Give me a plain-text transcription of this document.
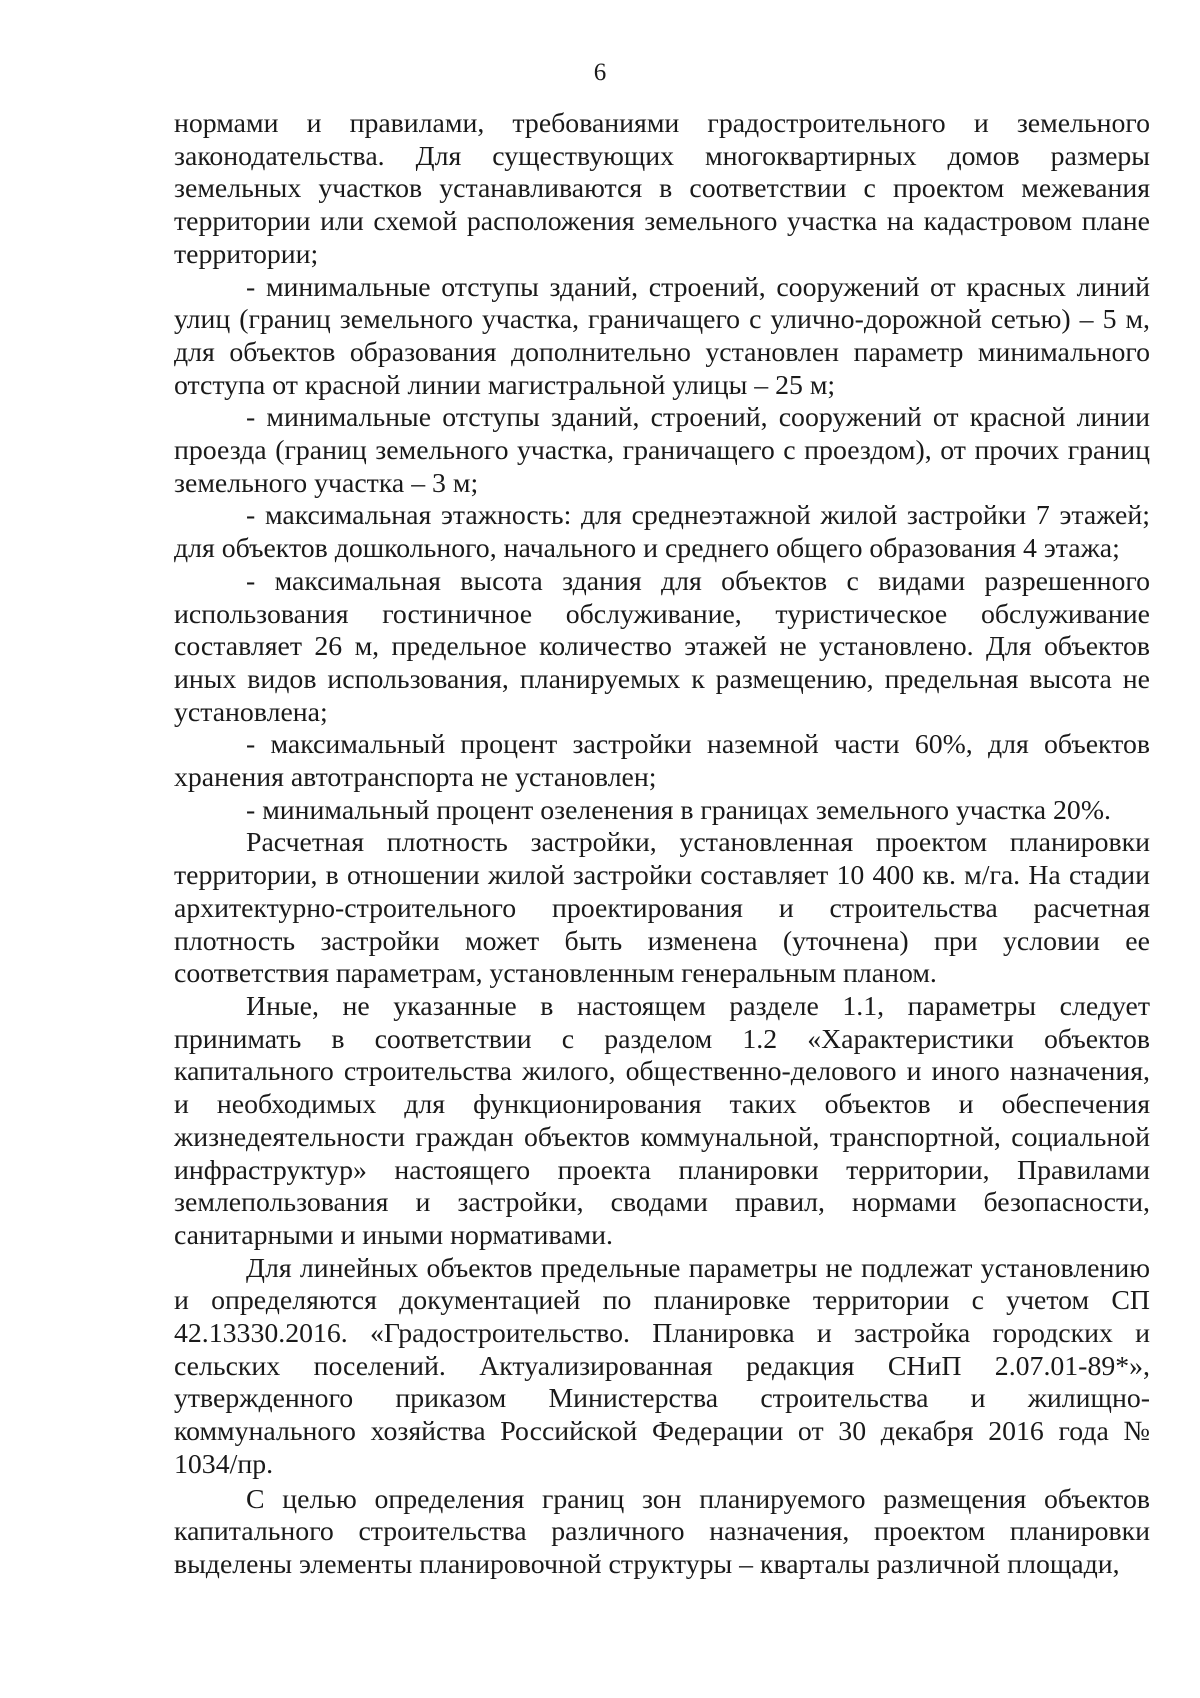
6

нормами и правилами, требованиями градостроительного и земельного законодательства. Для существующих многоквартирных домов размеры земельных участков устанавливаются в соответствии с проектом межевания территории или схемой расположения земельного участка на кадастровом плане территории;

- минимальные отступы зданий, строений, сооружений от красных линий улиц (границ земельного участка, граничащего с улично-дорожной сетью) – 5 м, для объектов образования дополнительно установлен параметр минимального отступа от красной линии магистральной улицы – 25 м;

- минимальные отступы зданий, строений, сооружений от красной линии проезда (границ земельного участка, граничащего с проездом), от прочих границ земельного участка – 3 м;

- максимальная этажность: для среднеэтажной жилой застройки 7 этажей; для объектов дошкольного, начального и среднего общего образования 4 этажа;

- максимальная высота здания для объектов с видами разрешенного использования гостиничное обслуживание, туристическое обслуживание составляет 26 м, предельное количество этажей не установлено. Для объектов иных видов использования, планируемых к размещению, предельная высота не установлена;

- максимальный процент застройки наземной части 60%, для объектов хранения автотранспорта не установлен;

- минимальный процент озеленения в границах земельного участка 20%.

Расчетная плотность застройки, установленная проектом планировки территории, в отношении жилой застройки составляет 10 400 кв. м/га. На стадии архитектурно-строительного проектирования и строительства расчетная плотность застройки может быть изменена (уточнена) при условии ее соответствия параметрам, установленным генеральным планом.

Иные, не указанные в настоящем разделе 1.1, параметры следует принимать в соответствии с разделом 1.2 «Характеристики объектов капитального строительства жилого, общественно-делового и иного назначения, и необходимых для функционирования таких объектов и обеспечения жизнедеятельности граждан объектов коммунальной, транспортной, социальной инфраструктур» настоящего проекта планировки территории, Правилами землепользования и застройки, сводами правил, нормами безопасности, санитарными и иными нормативами.

Для линейных объектов предельные параметры не подлежат установлению и определяются документацией по планировке территории с учетом СП 42.13330.2016. «Градостроительство. Планировка и застройка городских и сельских поселений. Актуализированная редакция СНиП 2.07.01-89*», утвержденного приказом Министерства строительства и жилищно-коммунального хозяйства Российской Федерации от 30 декабря 2016 года № 1034/пр.

С целью определения границ зон планируемого размещения объектов капитального строительства различного назначения, проектом планировки выделены элементы планировочной структуры – кварталы различной площади,
